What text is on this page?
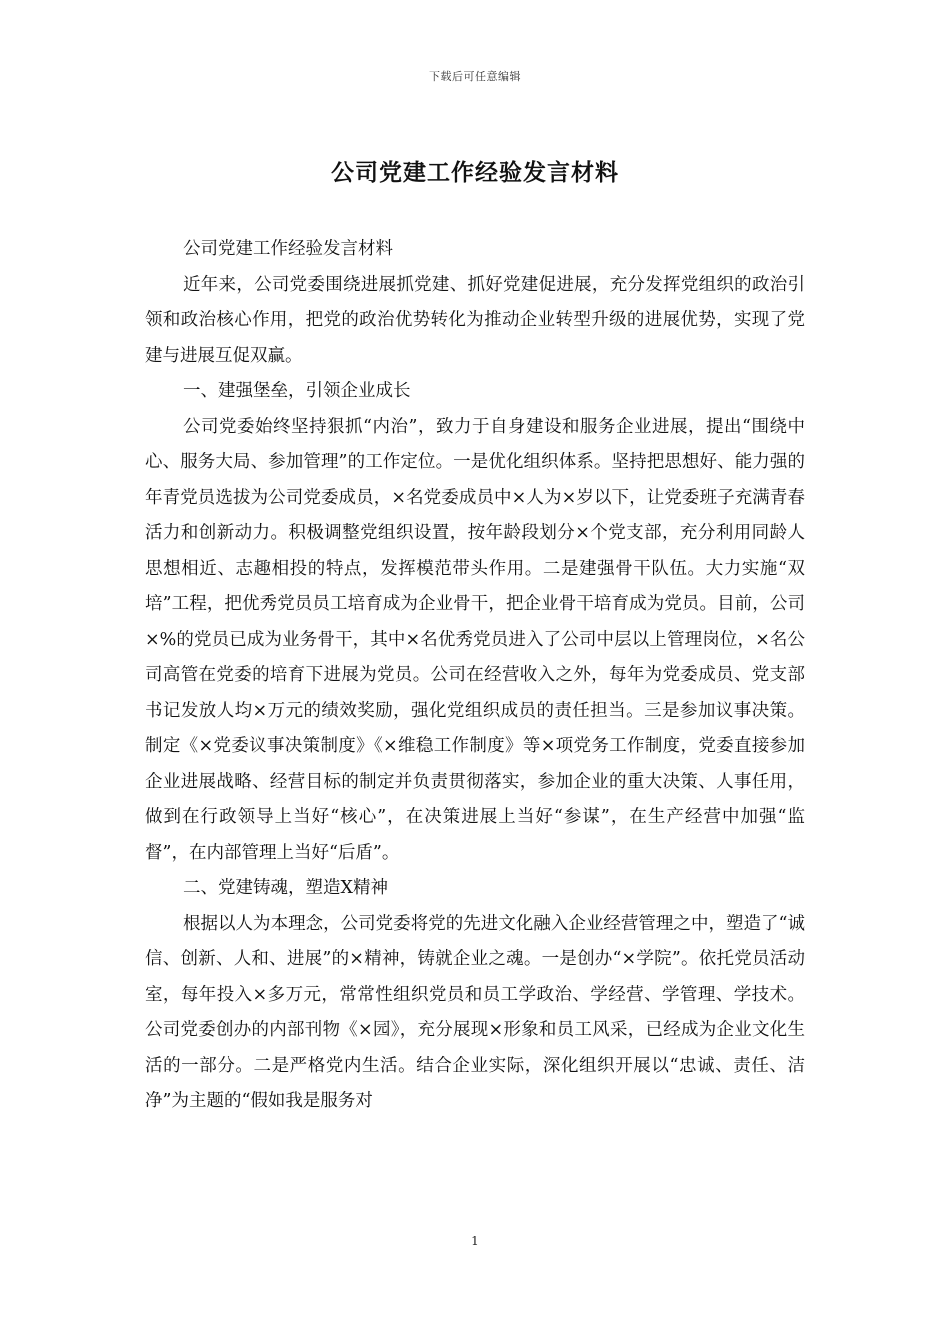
下载后可任意编辑
公司党建工作经验发言材料

公司党建工作经验发言材料

近年来，公司党委围绕进展抓党建、抓好党建促进展，充分发挥党组织的政治引领和政治核心作用，把党的政治优势转化为推动企业转型升级的进展优势，实现了党建与进展互促双赢。

一、建强堡垒，引领企业成长

公司党委始终坚持狠抓“内治”，致力于自身建设和服务企业进展，提出“围绕中心、服务大局、参加管理”的工作定位。一是优化组织体系。坚持把思想好、能力强的年青党员选拔为公司党委成员，×名党委成员中×人为×岁以下，让党委班子充满青春活力和创新动力。积极调整党组织设置，按年龄段划分×个党支部，充分利用同龄人思想相近、志趣相投的特点，发挥模范带头作用。二是建强骨干队伍。大力实施“双培”工程，把优秀党员员工培育成为企业骨干，把企业骨干培育成为党员。目前，公司×%的党员已成为业务骨干，其中×名优秀党员进入了公司中层以上管理岗位，×名公司高管在党委的培育下进展为党员。公司在经营收入之外，每年为党委成员、党支部书记发放人均×万元的绩效奖励，强化党组织成员的责任担当。三是参加议事决策。制定《×党委议事决策制度》《×维稳工作制度》等×项党务工作制度，党委直接参加企业进展战略、经营目标的制定并负责贯彻落实，参加企业的重大决策、人事任用，做到在行政领导上当好“核心”，在决策进展上当好“参谋”，在生产经营中加强“监督”，在内部管理上当好“后盾”。

二、党建铸魂，塑造X精神

根据以人为本理念，公司党委将党的先进文化融入企业经营管理之中，塑造了“诚信、创新、人和、进展”的×精神，铸就企业之魂。一是创办“×学院”。依托党员活动室，每年投入×多万元，常常性组织党员和员工学政治、学经营、学管理、学技术。公司党委创办的内部刊物《×园》，充分展现×形象和员工风采，已经成为企业文化生活的一部分。二是严格党内生活。结合企业实际，深化组织开展以“忠诚、责任、洁净”为主题的“假如我是服务对

1
